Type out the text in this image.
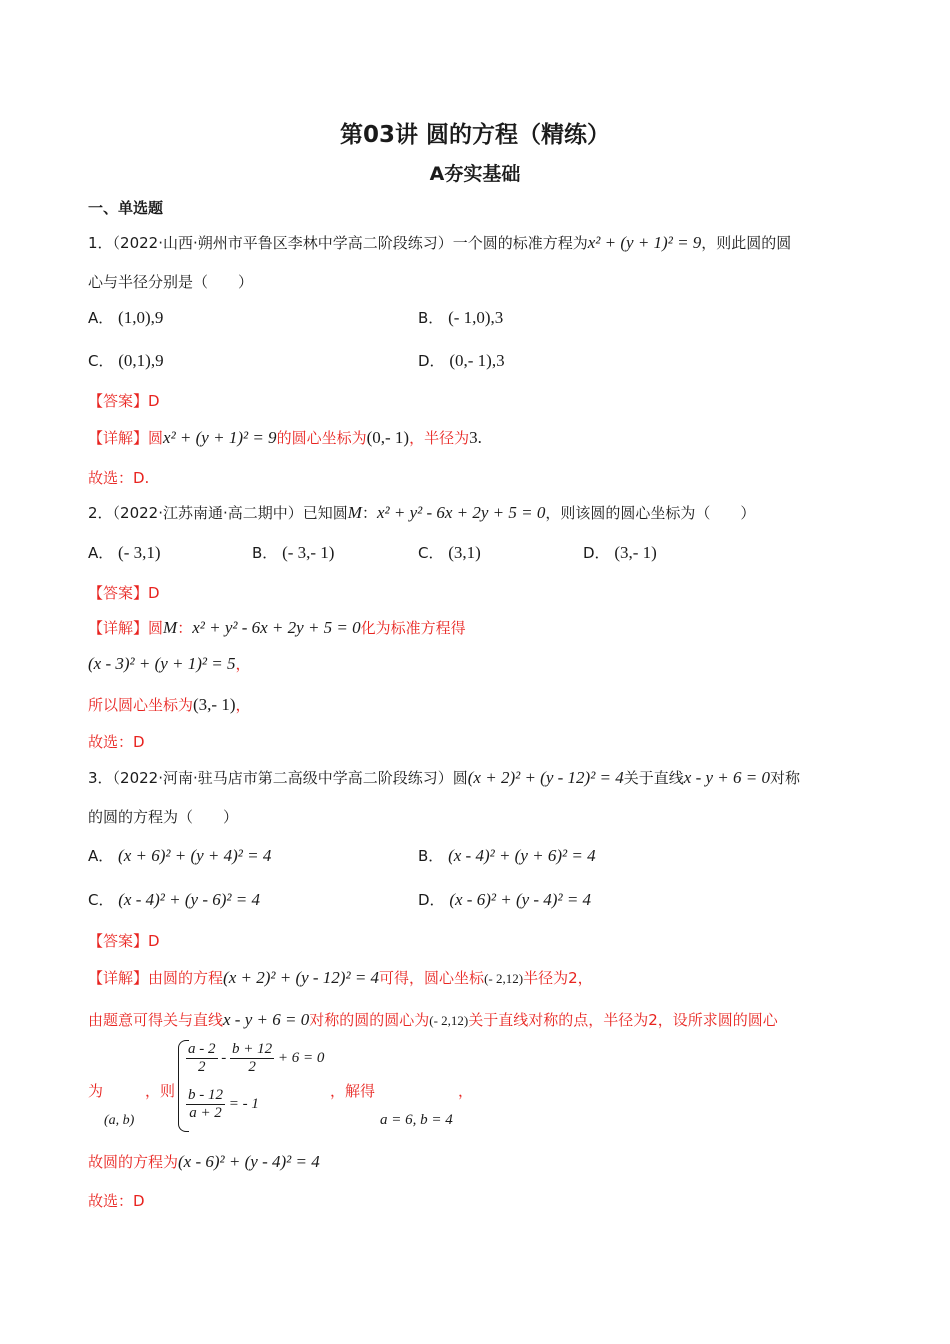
第03讲 圆的方程（精练）
A夯实基础
一、单选题
1．（2022·山西·朔州市平鲁区李林中学高二阶段练习）一个圆的标准方程为x² + (y + 1)² = 9，则此圆的圆
心与半径分别是（　　）
A． (1,0),9	B． (- 1,0),3
C． (0,1),9	D． (0,- 1),3
【答案】D
【详解】圆x² + (y + 1)² = 9的圆心坐标为(0,- 1)，半径为3.
故选：D.
2．（2022·江苏南通·高二期中）已知圆M：x² + y² - 6x + 2y + 5 = 0，则该圆的圆心坐标为（　　）
A． (- 3,1)	B． (- 3,- 1)	C． (3,1)	D． (3,- 1)
【答案】D
【详解】圆M：x² + y² - 6x + 2y + 5 = 0化为标准方程得
(x - 3)² + (y + 1)² = 5，
所以圆心坐标为(3,- 1)，
故选：D
3．（2022·河南·驻马店市第二高级中学高二阶段练习）圆(x + 2)² + (y - 12)² = 4关于直线x - y + 6 = 0对称
的圆的方程为（　　）
A． (x + 6)² + (y + 4)² = 4	B． (x - 4)² + (y + 6)² = 4
C． (x - 4)² + (y - 6)² = 4	D． (x - 6)² + (y - 4)² = 4
【答案】D
【详解】由圆的方程(x + 2)² + (y - 12)² = 4可得，圆心坐标(- 2,12)半径为2，
由题意可得关与直线x - y + 6 = 0对称的圆的圆心为(- 2,12)关于直线对称的点，半径为2，设所求圆的圆心
为
(a, b)
，则
$\frac{a - 2}{2} - \frac{b + 12}{2} + 6 = 0$
$\frac{b - 12}{a + 2}$ = - 1
，解得
a = 6, b = 4
，
故圆的方程为(x - 6)² + (y - 4)² = 4
故选：D
